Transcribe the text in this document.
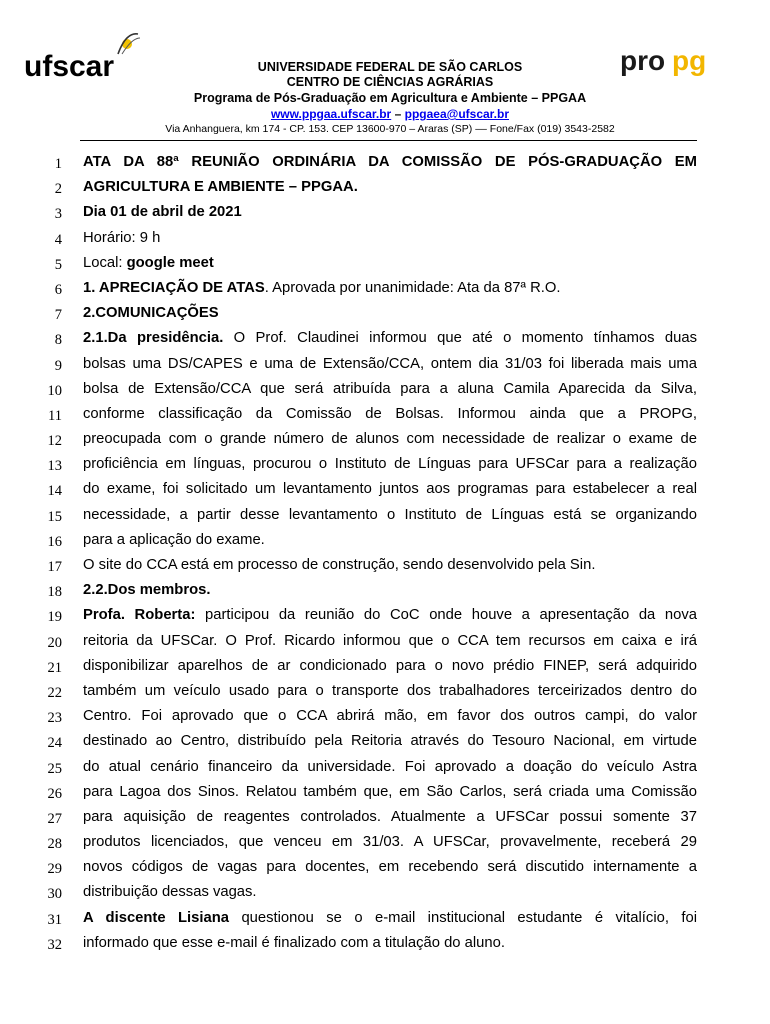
ufscar	pro pg
UNIVERSIDADE FEDERAL DE SÃO CARLOS
CENTRO DE CIÊNCIAS AGRÁRIAS
Programa de Pós-Graduação em Agricultura e Ambiente – PPGAA
www.ppgaa.ufscar.br – ppgaea@ufscar.br
Via Anhanguera, km 174 - CP. 153. CEP 13600-970 – Araras (SP) –– Fone/Fax (019) 3543-2582
1 ATA DA 88ª REUNIÃO ORDINÁRIA DA COMISSÃO DE PÓS-GRADUAÇÃO EM
2 AGRICULTURA E AMBIENTE – PPGAA.
3 Dia 01 de abril de 2021
4 Horário: 9 h
5 Local: google meet
6 1. APRECIAÇÃO DE ATAS. Aprovada por unanimidade: Ata da 87ª R.O.
7 2.COMUNICAÇÕES
8 2.1.Da presidência. O Prof. Claudinei informou que até o momento tínhamos duas
9 bolsas uma DS/CAPES e uma de Extensão/CCA, ontem dia 31/03 foi liberada mais uma
10 bolsa de Extensão/CCA que será atribuída para a aluna Camila Aparecida da Silva,
11 conforme classificação da Comissão de Bolsas. Informou ainda que a PROPG,
12 preocupada com o grande número de alunos com necessidade de realizar o exame de
13 proficiência em línguas, procurou o Instituto de Línguas para UFSCar para a realização
14 do exame, foi solicitado um levantamento juntos aos programas para estabelecer a real
15 necessidade, a partir desse levantamento o Instituto de Línguas está se organizando
16 para a aplicação do exame.
17 O site do CCA está em processo de construção, sendo desenvolvido pela Sin.
18 2.2.Dos membros.
19 Profa. Roberta: participou da reunião do CoC onde houve a apresentação da nova
20 reitoria da UFSCar. O Prof. Ricardo informou que o CCA tem recursos em caixa e irá
21 disponibilizar aparelhos de ar condicionado para o novo prédio FINEP, será adquirido
22 também um veículo usado para o transporte dos trabalhadores terceirizados dentro do
23 Centro. Foi aprovado que o CCA abrirá mão, em favor dos outros campi, do valor
24 destinado ao Centro, distribuído pela Reitoria através do Tesouro Nacional, em virtude
25 do atual cenário financeiro da universidade. Foi aprovado a doação do veículo Astra
26 para Lagoa dos Sinos. Relatou também que, em São Carlos, será criada uma Comissão
27 para aquisição de reagentes controlados. Atualmente a UFSCar possui somente 37
28 produtos licenciados, que venceu em 31/03. A UFSCar, provavelmente, receberá 29
29 novos códigos de vagas para docentes, em recebendo será discutido internamente a
30 distribuição dessas vagas.
31 A discente Lisiana questionou se o e-mail institucional estudante é vitalício, foi
32 informado que esse e-mail é finalizado com a titulação do aluno.
